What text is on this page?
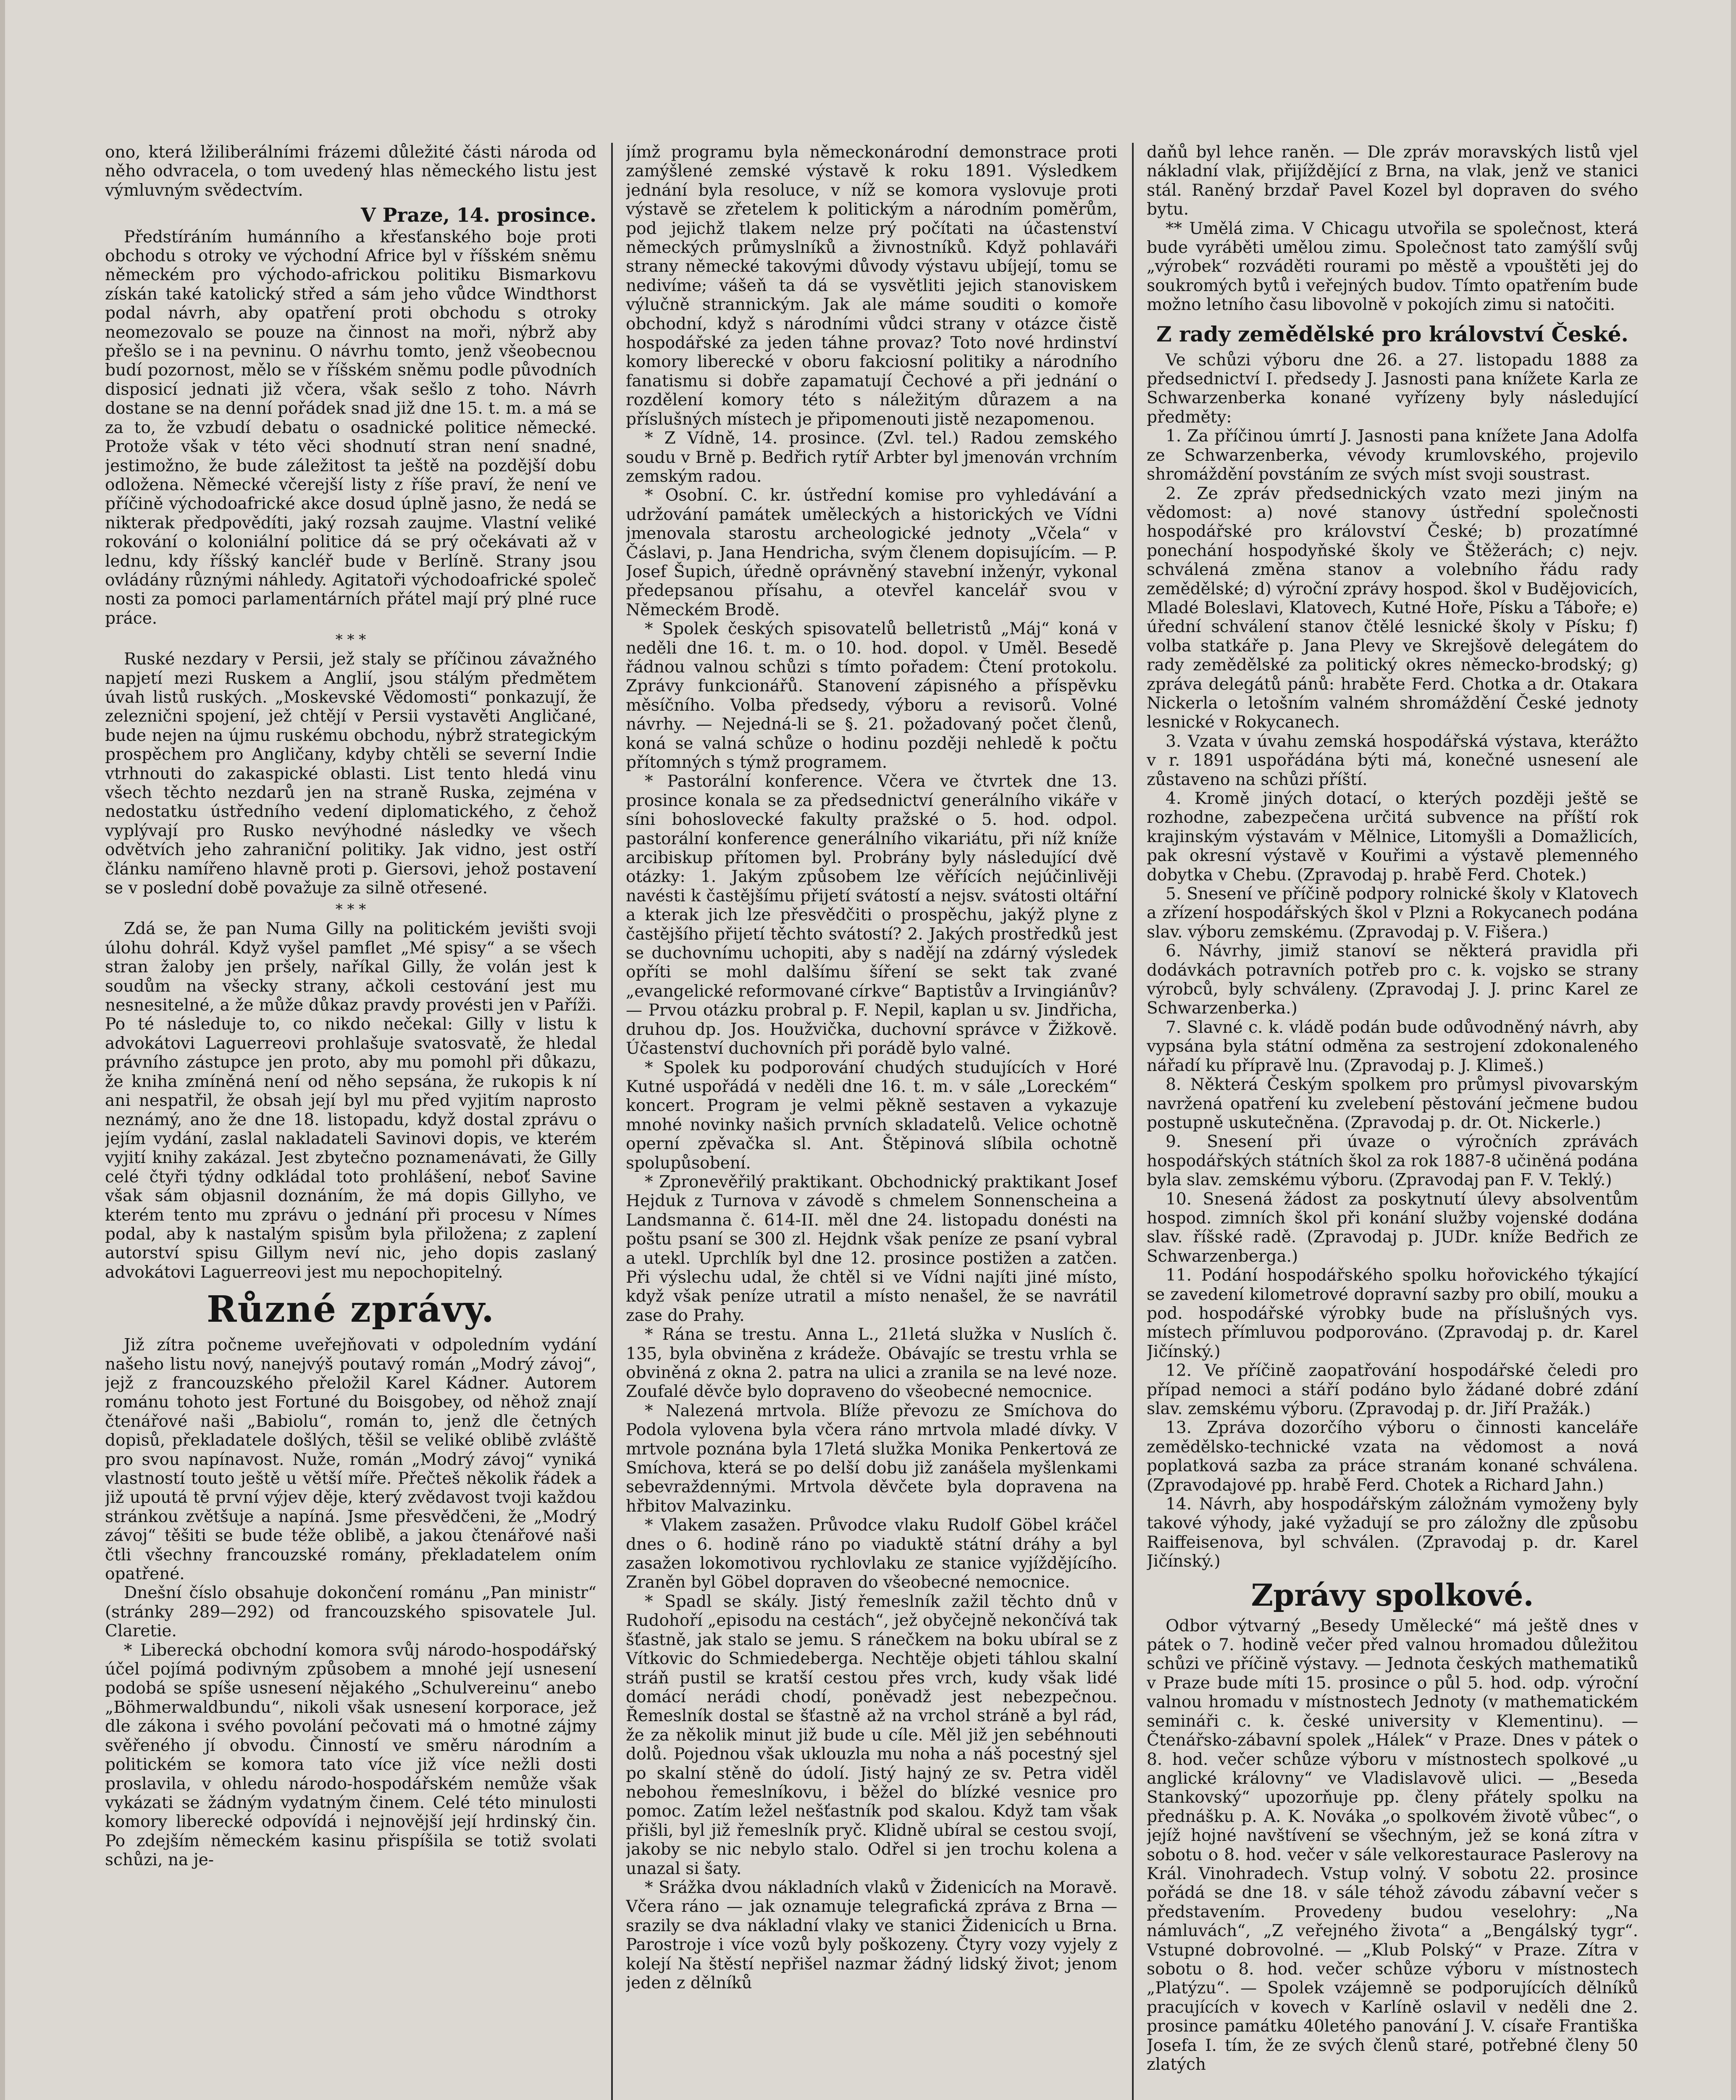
ono, která lžiliberálními frázemi důležité části národa od něho odvracela, o tom uvedený hlas německého listu jest výmluvným svědectvím.

V Praze, 14. prosince.

Předstíráním humánního a křesťanského boje proti obchodu s otroky ve východní Africe byl v říšském sněmu německém pro východo-africkou politiku Bismarkovu získán také katolický střed a sám jeho vůdce Windthorst podal návrh, aby opatření proti obchodu s otroky neomezovalo se pouze na činnost na moři, nýbrž aby přešlo se i na pevninu. O návrhu tomto, jenž všeobecnou budí pozornost, mělo se v říšském sněmu podle původních disposicí jednati již včera, však sešlo z toho. Návrh dostane se na denní pořádek snad již dne 15. t. m. a má se za to, že vzbudí debatu o osadnické politice německé. Protože však v této věci shodnutí stran není snadné, jestimožno, že bude záležitost ta ještě na pozdější dobu odložena. Německé včerejší listy z říše praví, že není ve příčině východoafrické akce dosud úplně jasno, že nedá se nikterak předpovědíti, jaký rozsah zaujme. Vlastní veliké rokování o koloniální politice dá se prý očekávati až v lednu, kdy říšský kancléř bude v Berlíně. Strany jsou ovládány různými náhledy. Agitatoři východoafrické společ nosti za pomoci parlamentárních přátel mají prý plné ruce práce.

* * *

Ruské nezdary v Persii, jež staly se příčinou závažného napjetí mezi Ruskem a Anglií, jsou stálým předmětem úvah listů ruských. „Moskevské Vědomosti“ ponkazují, že zeleznični spojení, jež chtějí v Persii vystavěti Angličané, bude nejen na újmu ruskému obchodu, nýbrž strategickým prospěchem pro Angličany, kdyby chtěli se severní Indie vtrhnouti do zakaspické oblasti. List tento hledá vinu všech těchto nezdarů jen na straně Ruska, zejména v nedostatku ústředního vedení diplomatického, z čehož vyplývají pro Rusko nevýhodné následky ve všech odvětvích jeho zahraniční politiky. Jak vidno, jest ostří článku namířeno hlavně proti p. Giersovi, jehož postavení se v poslední době považuje za silně otřesené.

* * *

Zdá se, že pan Numa Gilly na politickém jevišti svoji úlohu dohrál. Když vyšel pamflet „Mé spisy“ a se všech stran žaloby jen pršely, naříkal Gilly, že volán jest k soudům na všecky strany, ačkoli cestování jest mu nesnesitelné, a že může důkaz pravdy provésti jen v Paříži. Po té následuje to, co nikdo nečekal: Gilly v listu k advokátovi Laguerreovi prohlašuje svatosvatě, že hledal právního zástupce jen proto, aby mu pomohl při důkazu, že kniha zmíněná není od něho sepsána, že rukopis k ní ani nespatřil, že obsah její byl mu před vyjitím naprosto neznámý, ano že dne 18. listopadu, když dostal zprávu o jejím vydání, zaslal nakladateli Savinovi dopis, ve kterém vyjití knihy zakázal. Jest zbytečno poznamenávati, že Gilly celé čtyři týdny odkládal toto prohlášení, neboť Savine však sám objasnil doznáním, že má dopis Gillyho, ve kterém tento mu zprávu o jednání při procesu v Nímes podal, aby k nastalým spisům byla přiložena; z zaplení autorství spisu Gillym neví nic, jeho dopis zaslaný advokátovi Laguerreovi jest mu nepochopitelný.

Různé zprávy.

Již zítra počneme uveřejňovati v odpoledním vydání našeho listu nový, nanejvýš poutavý román „Modrý závoj“, jejž z francouzského přeložil Karel Kádner. Autorem románu tohoto jest Fortuné du Boisgobey, od něhož znají čtenářové naši „Babiolu“, román to, jenž dle četných dopisů, překladatele došlých, těšil se veliké oblibě zvláště pro svou napínavost. Nuže, román „Modrý závoj“ vyniká vlastností touto ještě u větší míře. Přečteš několik řádek a již upoutá tě první výjev děje, který zvědavost tvoji každou stránkou zvětšuje a napíná. Jsme přesvědčeni, že „Modrý závoj“ těšiti se bude téže oblibě, a jakou čtenářové naši čtli všechny francouzské romány, překladatelem oním opatřené.

Dnešní číslo obsahuje dokončení románu „Pan ministr“ (stránky 289—292) od francouzského spisovatele Jul. Claretie.

* Liberecká obchodní komora svůj národo-hospodářský účel pojímá podivným způsobem a mnohé její usnesení podobá se spíše usnesení nějakého „Schulvereinu“ anebo „Böhmerwaldbundu“, nikoli však usnesení korporace, jež dle zákona i svého povolání pečovati má o hmotné zájmy svěřeného jí obvodu. Činností ve směru národním a politickém se komora tato více již více nežli dosti proslavila, v ohledu národo-hospodářském nemůže však vykázati se žádným vydatným činem. Celé této minulosti komory liberecké odpovídá i nejnovější její hrdinský čin. Po zdejším německém kasinu přispíšila se totiž svolati schůzi, na je-

jímž programu byla německonárodní demonstrace proti zamýšlené zemské výstavě k roku 1891. Výsledkem jednání byla resoluce, v níž se komora vyslovuje proti výstavě se zřetelem k politickým a národním poměrům, pod jejichž tlakem nelze prý počítati na účastenství německých průmyslníků a živnostníků. Když pohlaváři strany německé takovými důvody výstavu ubíjejí, tomu se nedivíme; vášeň ta dá se vysvětliti jejich stanoviskem výlučně strannickým. Jak ale máme souditi o komoře obchodní, když s národními vůdci strany v otázce čistě hospodářské za jeden táhne provaz? Toto nové hrdinství komory liberecké v oboru fakciosní politiky a národního fanatismu si dobře zapamatují Čechové a při jednání o rozdělení komory této s náležitým důrazem a na příslušných místech je připomenouti jistě nezapomenou.

* Z Vídně, 14. prosince. (Zvl. tel.) Radou zemského soudu v Brně p. Bedřich rytíř Arbter byl jmenován vrchním zemským radou.

* Osobní. C. kr. ústřední komise pro vyhledávání a udržování památek uměleckých a historických ve Vídni jmenovala starostu archeologické jednoty „Včela“ v Čáslavi, p. Jana Hendricha, svým členem dopisujícím. — P. Josef Šupich, úředně oprávněný stavební inženýr, vykonal předepsanou přísahu, a otevřel kancelář svou v Německém Brodě.

* Spolek českých spisovatelů belletristů „Máj“ koná v neděli dne 16. t. m. o 10. hod. dopol. v Uměl. Besedě řádnou valnou schůzi s tímto pořadem: Čtení protokolu. Zprávy funkcionářů. Stanovení zápisného a příspěvku měsíčního. Volba předsedy, výboru a revisorů. Volné návrhy. — Nejedná-li se §. 21. požadovaný počet členů, koná se valná schůze o hodinu později nehledě k počtu přítomných s týmž programem.

* Pastorální konference. Včera ve čtvrtek dne 13. prosince konala se za předsednictví generálního vikáře v síni bohoslovecké fakulty pražské o 5. hod. odpol. pastorální konference generálního vikariátu, při níž kníže arcibiskup přítomen byl. Probrány byly následující dvě otázky: 1. Jakým způsobem lze věřících nejúčinlivěji navésti k častějšímu přijetí svátostí a nejsv. svátosti oltářní a kterak jich lze přesvědčiti o prospěchu, jakýž plyne z častějšího přijetí těchto svátostí? 2. Jakých prostředků jest se duchovnímu uchopiti, aby s nadějí na zdárný výsledek opříti se mohl dalšímu šíření se sekt tak zvané „evangelické reformované církve“ Baptistův a Irvingiánův? — Prvou otázku probral p. F. Nepil, kaplan u sv. Jindřicha, druhou dp. Jos. Houžvička, duchovní správce v Žižkově. Účastenství duchovních při porádě bylo valné.

* Spolek ku podporování chudých studujících v Horé Kutné uspořádá v neděli dne 16. t. m. v sále „Loreckém“ koncert. Program je velmi pěkně sestaven a vykazuje mnohé novinky našich prvních skladatelů. Velice ochotně operní zpěvačka sl. Ant. Štěpinová slíbila ochotně spolupůsobení.

* Zpronevěřilý praktikant. Obchodnický praktikant Josef Hejduk z Turnova v závodě s chmelem Sonnenscheina a Landsmanna č. 614-II. měl dne 24. listopadu donésti na poštu psaní se 300 zl. Hejdnk však peníze ze psaní vybral a utekl. Uprchlík byl dne 12. prosince postižen a zatčen. Při výslechu udal, že chtěl si ve Vídni najíti jiné místo, když však peníze utratil a místo nenašel, že se navrátil zase do Prahy.

* Rána se trestu. Anna L., 21letá služka v Nuslích č. 135, byla obviněna z krádeže. Obávajíc se trestu vrhla se obviněná z okna 2. patra na ulici a zranila se na levé noze. Zoufalé děvče bylo dopraveno do všeobecné nemocnice.

* Nalezená mrtvola. Blíže převozu ze Smíchova do Podola vylovena byla včera ráno mrtvola mladé dívky. V mrtvole poznána byla 17letá služka Monika Penkertová ze Smíchova, která se po delší dobu již zanášela myšlenkami sebevraždennými. Mrtvola děvčete byla dopravena na hřbitov Malvazinku.

* Vlakem zasažen. Průvodce vlaku Rudolf Göbel kráčel dnes o 6. hodině ráno po viaduktě státní dráhy a byl zasažen lokomotivou rychlovlaku ze stanice vyjíždějícího. Zraněn byl Göbel dopraven do všeobecné nemocnice.

* Spadl se skály. Jistý řemeslník zažil těchto dnů v Rudohoří „episodu na cestách“, jež obyčejně nekončívá tak šťastně, jak stalo se jemu. S ránečkem na boku ubíral se z Vítkovic do Schmiedeberga. Nechtěje objeti táhlou skalní stráň pustil se kratší cestou přes vrch, kudy však lidé domácí nerádi chodí, poněvadž jest nebezpečnou. Řemeslník dostal se šťastně až na vrchol stráně a byl rád, že za několik minut již bude u cíle. Měl již jen sebéhnouti dolů. Pojednou však uklouzla mu noha a náš pocestný sjel po skalní stěně do údolí. Jistý hajný ze sv. Petra viděl nebohou řemeslníkovu, i běžel do blízké vesnice pro pomoc. Zatím ležel nešťastník pod skalou. Když tam však přišli, byl již řemeslník pryč. Klidně ubíral se cestou svojí, jakoby se nic nebylo stalo. Odřel si jen trochu kolena a unazal si šaty.

* Srážka dvou nákladních vlaků v Židenicích na Moravě. Včera ráno — jak oznamuje telegrafická zpráva z Brna — srazily se dva nákladní vlaky ve stanici Židenicích u Brna. Parostroje i více vozů byly poškozeny. Čtyry vozy vyjely z kolejí Na štěstí nepřišel nazmar žádný lidský život; jenom jeden z dělníků

daňů byl lehce raněn. — Dle zpráv moravských listů vjel nákladní vlak, přijíždějící z Brna, na vlak, jenž ve stanici stál. Raněný brzdař Pavel Kozel byl dopraven do svého bytu.

** Umělá zima. V Chicagu utvořila se společnost, která bude vyráběti umělou zimu. Společnost tato zamýšlí svůj „výrobek“ rozváděti rourami po městě a vpouštěti jej do soukromých bytů i veřejných budov. Tímto opatřením bude možno letního času libovolně v pokojích zimu si natočiti.

Z rady zemědělské pro království České.

Ve schůzi výboru dne 26. a 27. listopadu 1888 za předsednictví I. předsedy J. Jasnosti pana knížete Karla ze Schwarzenberka konané vyřízeny byly následující předměty:

1. Za příčinou úmrtí J. Jasnosti pana knížete Jana Adolfa ze Schwarzenberka, vévody krumlovského, projevilo shromáždění povstáním ze svých míst svoji soustrast.

2. Ze zpráv předsednických vzato mezi jiným na vědomost: a) nové stanovy ústřední společnosti hospodářské pro království České; b) prozatímné ponechání hospodyňské školy ve Štěžerách; c) nejv. schválená změna stanov a volebního řádu rady zemědělské; d) výroční zprávy hospod. škol v Budějovicích, Mladé Boleslavi, Klatovech, Kutné Hoře, Písku a Táboře; e) úřední schválení stanov čtělé lesnické školy v Písku; f) volba statkáře p. Jana Plevy ve Skrejšově delegátem do rady zemědělské za politický okres německo-brodský; g) zpráva delegátů pánů: hraběte Ferd. Chotka a dr. Otakara Nickerla o letošním valném shromáždění České jednoty lesnické v Rokycanech.

3. Vzata v úvahu zemská hospodářská výstava, kterážto v r. 1891 uspořádána býti má, konečné usnesení ale zůstaveno na schůzi příští.

4. Kromě jiných dotací, o kterých později ještě se rozhodne, zabezpečena určitá subvence na příští rok krajinským výstavám v Mělnice, Litomyšli a Domažlicích, pak okresní výstavě v Kouřimi a výstavě plemenného dobytka v Chebu. (Zpravodaj p. hrabě Ferd. Chotek.)

5. Snesení ve příčině podpory rolnické školy v Klatovech a zřízení hospodářských škol v Plzni a Rokycanech podána slav. výboru zemskému. (Zpravodaj p. V. Fišera.)

6. Návrhy, jimiž stanoví se některá pravidla při dodávkách potravních potřeb pro c. k. vojsko se strany výrobců, byly schváleny. (Zpravodaj J. J. princ Karel ze Schwarzenberka.)

7. Slavné c. k. vládě podán bude odůvodněný návrh, aby vypsána byla státní odměna za sestrojení zdokonaleného nářadí ku přípravě lnu. (Zpravodaj p. J. Klimeš.)

8. Některá Českým spolkem pro průmysl pivovarským navržená opatření ku zvelebení pěstování ječmene budou postupně uskutečněna. (Zpravodaj p. dr. Ot. Nickerle.)

9. Snesení při úvaze o výročních zprávách hospodářských státních škol za rok 1887-8 učiněná podána byla slav. zemskému výboru. (Zpravodaj pan F. V. Teklý.)

10. Snesená žádost za poskytnutí úlevy absolventům hospod. zimních škol při konání služby vojenské dodána slav. říšské radě. (Zpravodaj p. JUDr. kníže Bedřich ze Schwarzenberga.)

11. Podání hospodářského spolku hořovického týkající se zavedení kilometrové dopravní sazby pro obilí, mouku a pod. hospodářské výrobky bude na příslušných vys. místech přímluvou podporováno. (Zpravodaj p. dr. Karel Jičínský.)

12. Ve příčině zaopatřování hospodářské čeledi pro případ nemoci a stáří podáno bylo žádané dobré zdání slav. zemskému výboru. (Zpravodaj p. dr. Jiří Pražák.)

13. Zpráva dozorčího výboru o činnosti kanceláře zemědělsko-technické vzata na vědomost a nová poplatková sazba za práce stranám konané schválena. (Zpravodajové pp. hrabě Ferd. Chotek a Richard Jahn.)

14. Návrh, aby hospodářským záložnám vymoženy byly takové výhody, jaké vyžadují se pro záložny dle způsobu Raiffeisenova, byl schválen. (Zpravodaj p. dr. Karel Jičínský.)

Zprávy spolkové.

Odbor výtvarný „Besedy Umělecké“ má ještě dnes v pátek o 7. hodině večer před valnou hromadou důležitou schůzi ve příčině výstavy. — Jednota českých mathematiků v Praze bude míti 15. prosince o půl 5. hod. odp. výroční valnou hromadu v místnostech Jednoty (v mathematickém semináři c. k. české university v Klementinu). — Čtenářsko-zábavní spolek „Hálek“ v Praze. Dnes v pátek o 8. hod. večer schůze výboru v místnostech spolkové „u anglické královny“ ve Vladislavově ulici. — „Beseda Stankovský“ upozorňuje pp. členy přátely spolku na přednášku p. A. K. Nováka „o spolkovém životě vůbec“, o jejíž hojné navštívení se všechným, jež se koná zítra v sobotu o 8. hod. večer v sále velkorestaurace Paslerovy na Král. Vinohradech. Vstup volný. V sobotu 22. prosince pořádá se dne 18. v sále téhož závodu zábavní večer s představením. Provedeny budou veselohry: „Na námluvách“, „Z veřejného života“ a „Bengálský tygr“. Vstupné dobrovolné. — „Klub Polský“ v Praze. Zítra v sobotu o 8. hod. večer schůze výboru v místnostech „Platýzu“. — Spolek vzájemně se podporujících dělníků pracujících v kovech v Karlíně oslavil v neděli dne 2. prosince památku 40letého panování J. V. císaře Františka Josefa I. tím, že ze svých členů staré, potřebné členy 50 zlatých
